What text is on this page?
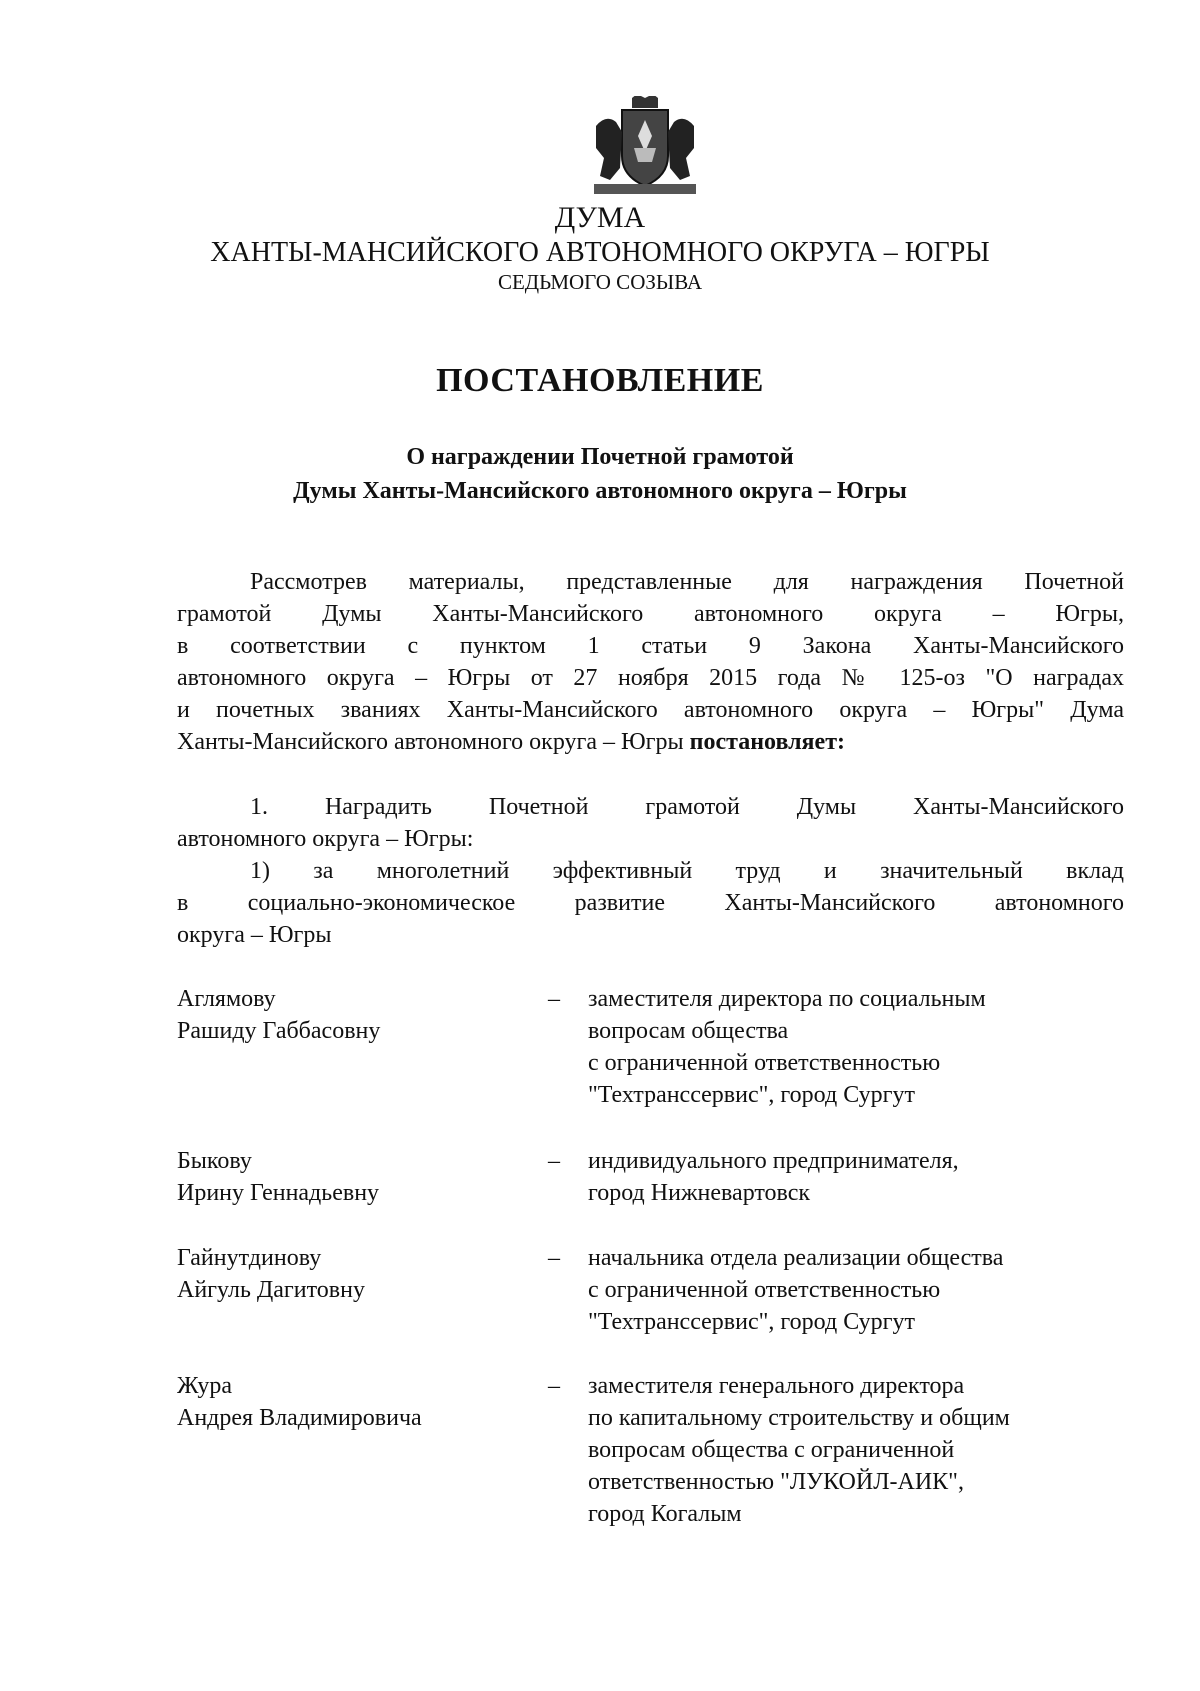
ДУМА
ХАНТЫ-МАНСИЙСКОГО АВТОНОМНОГО ОКРУГА – ЮГРЫ
СЕДЬМОГО СОЗЫВА
ПОСТАНОВЛЕНИЕ
О награждении Почетной грамотой
Думы Ханты-Мансийского автономного округа – Югры
Рассмотрев материалы, представленные для награждения Почетной
грамотой Думы Ханты-Мансийского автономного округа – Югры,
в соответствии с пунктом 1 статьи 9 Закона Ханты-Мансийского
автономного округа – Югры от 27 ноября 2015 года № 125-оз "О наградах
и почетных званиях Ханты-Мансийского автономного округа – Югры" Дума
Ханты-Мансийского автономного округа – Югры постановляет:
1. Наградить Почетной грамотой Думы Ханты-Мансийского
автономного округа – Югры:
1) за многолетний эффективный труд и значительный вклад
в социально-экономическое развитие Ханты-Мансийского автономного
округа – Югры
Аглямову
Рашиду Габбасовну
– заместителя директора по социальным
вопросам общества
с ограниченной ответственностью
"Техтранссервис", город Сургут
Быкову
Ирину Геннадьевну
– индивидуального предпринимателя,
город Нижневартовск
Гайнутдинову
Айгуль Дагитовну
– начальника отдела реализации общества
с ограниченной ответственностью
"Техтранссервис", город Сургут
Жура
Андрея Владимировича
– заместителя генерального директора
по капитальному строительству и общим
вопросам общества с ограниченной
ответственностью "ЛУКОЙЛ-АИК",
город Когалым
